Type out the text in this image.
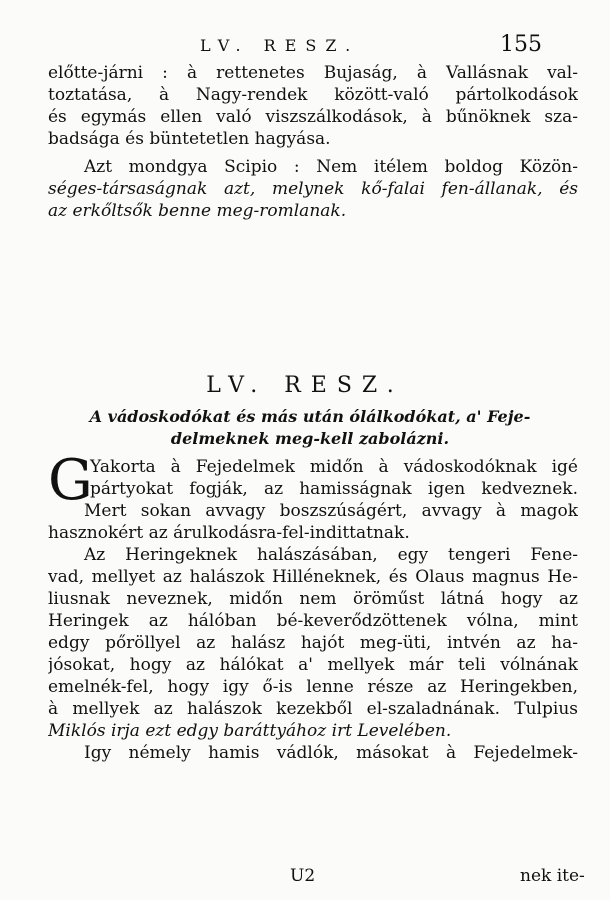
LV. RESZ.	155
előtte-járni : à rettenetes Bujaság, à Vallásnak val-
toztatása, à Nagy-rendek között-való pártolkodások
és egymás ellen való viszszálkodások, à bűnöknek sza-
badsága és büntetetlen hagyása.
Azt mondgya Scipio : Nem itélem boldog Közön-
séges-társaságnak azt, melynek kő-falai fen-állanak, és
az erkőltsők benne meg-romlanak.
LV. RESZ.
A vádoskodókat és más után ólálkodókat, a' Feje-
delmeknek meg-kell zabolázni.
G
Yakorta à Fejedelmek midőn à vádoskodóknak igé
pártyokat fogják, az hamisságnak igen kedveznek.
Mert sokan avvagy boszszúságért, avvagy à magok
hasznokért az árulkodásra-fel-indittatnak.
Az Heringeknek halászásában, egy tengeri Fene-
vad, mellyet az halászok Hilléneknek, és Olaus magnus He-
liusnak neveznek, midőn nem öröműst látná hogy az
Heringek az hálóban bé-keverődzöttenek vólna, mint
edgy pőröllyel az halász hajót meg-üti, intvén az ha-
jósokat, hogy az hálókat a' mellyek már teli vólnának
emelnék-fel, hogy igy ő-is lenne része az Heringekben,
à mellyek az halászok kezekből el-szaladnának. Tulpius
Miklós irja ezt edgy baráttyához irt Levelében.
Igy némely hamis vádlók, másokat à Fejedelmek-
U2	nek ite-
